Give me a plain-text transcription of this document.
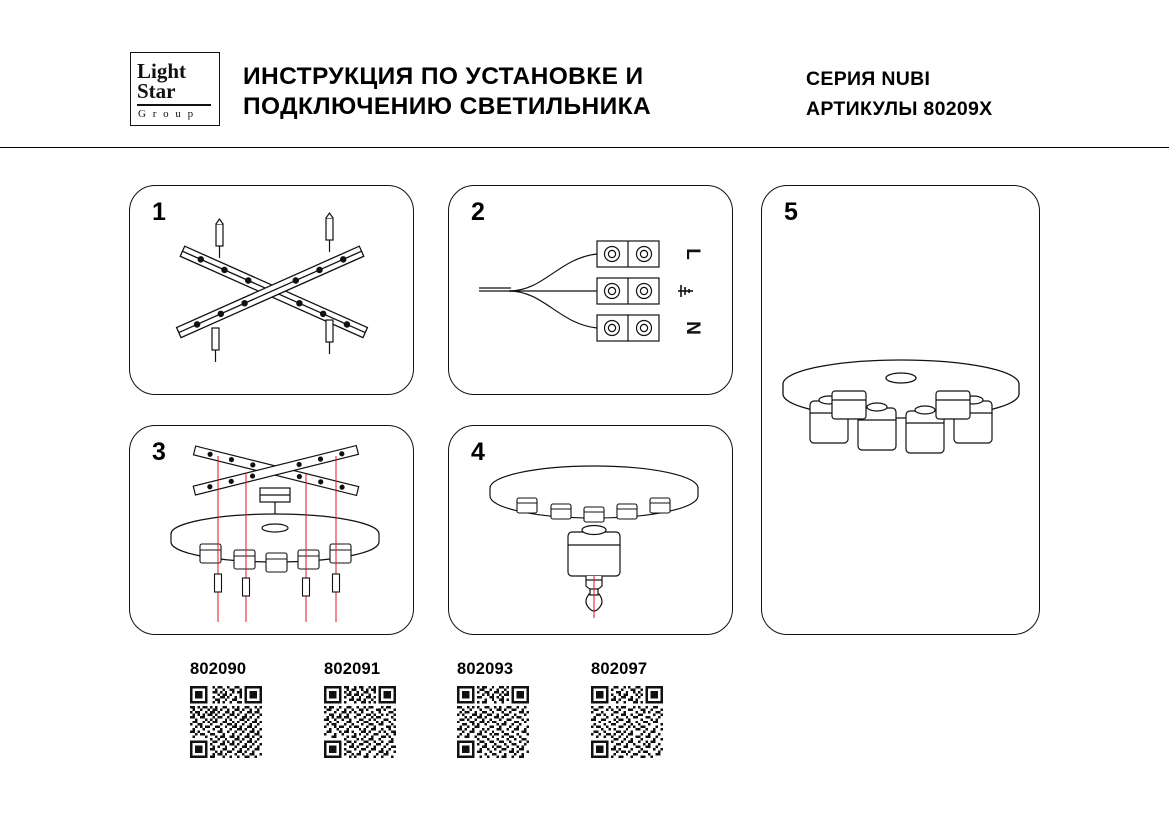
Light
Star
G r o u p
ИНСТРУКЦИЯ ПО УСТАНОВКЕ И
ПОДКЛЮЧЕНИЮ СВЕТИЛЬНИКА
СЕРИЯ NUBI
АРТИКУЛЫ 80209X
1	2
L
N
3	4
5
802090	802091	802093	802097
